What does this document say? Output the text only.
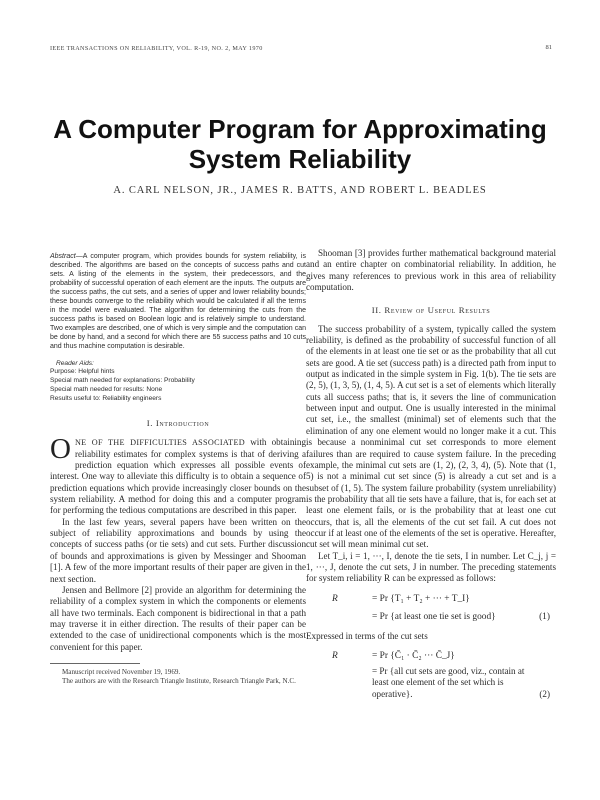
IEEE TRANSACTIONS ON RELIABILITY, VOL. R-19, NO. 2, MAY 1970	81
A Computer Program for Approximating
System Reliability
A. CARL NELSON, JR., JAMES R. BATTS, AND ROBERT L. BEADLES

Abstract—A computer program, which provides bounds for system reliability, is described. The algorithms are based on the concepts of success paths and cut sets. A listing of the elements in the system, their predecessors, and the probability of successful operation of each element are the inputs. The outputs are the success paths, the cut sets, and a series of upper and lower reliability bounds; these bounds converge to the reliability which would be calculated if all the terms in the model were evaluated. The algorithm for determining the cuts from the success paths is based on Boolean logic and is relatively simple to understand. Two examples are described, one of which is very simple and the computation can be done by hand, and a second for which there are 55 success paths and 10 cuts and thus machine computation is desirable.

Reader Aids:
Purpose: Helpful hints
Special math needed for explanations: Probability
Special math needed for results: None
Results useful to: Reliability engineers
I. Introduction

ONE OF THE DIFFICULTIES ASSOCIATED with obtaining reliability estimates for complex systems is that of deriving a prediction equation which expresses all possible events of interest. One way to alleviate this difficulty is to obtain a sequence of prediction equations which provide increasingly closer bounds on the system reliability. A method for doing this and a computer program for performing the tedious computations are described in this paper.

In the last few years, several papers have been written on the subject of reliability approximations and bounds by using the concepts of success paths (or tie sets) and cut sets. Further discussion of bounds and approximations is given by Messinger and Shooman [1]. A few of the more important results of their paper are given in the next section.

Jensen and Bellmore [2] provide an algorithm for determining the reliability of a complex system in which the components or elements all have two terminals. Each component is bidirectional in that a path may traverse it in either direction. The results of their paper can be extended to the case of unidirectional components which is the most convenient for this paper.

Manuscript received November 19, 1969.

The authors are with the Research Triangle Institute, Research Triangle Park, N.C.

Shooman [3] provides further mathematical background material and an entire chapter on combinatorial reliability. In addition, he gives many references to previous work in this area of reliability computation.

II. Review of Useful Results

The success probability of a system, typically called the system reliability, is defined as the probability of successful function of all of the elements in at least one tie set or as the probability that all cut sets are good. A tie set (success path) is a directed path from input to output as indicated in the simple system in Fig. 1(b). The tie sets are (2, 5), (1, 3, 5), (1, 4, 5). A cut set is a set of elements which literally cuts all success paths; that is, it severs the line of communication between input and output. One is usually interested in the minimal cut set, i.e., the smallest (minimal) set of elements such that the elimination of any one element would no longer make it a cut. This is because a nonminimal cut set corresponds to more element failures than are required to cause system failure. In the preceding example, the minimal cut sets are (1, 2), (2, 3, 4), (5). Note that (1, 5) is not a minimal cut set since (5) is already a cut set and is a subset of (1, 5). The system failure probability (system unreliability) is the probability that all tie sets have a failure, that is, for each set at least one element fails, or is the probability that at least one cut occurs, that is, all the elements of the cut set fail. A cut does not occur if at least one of the elements of the set is operative. Hereafter, cut set will mean minimal cut set.

Let T_i, i = 1, ···, I, denote the tie sets, I in number. Let C_j, j = 1, ···, J, denote the cut sets, J in number. The preceding statements for system reliability R can be expressed as follows:

R	= Pr {T₁ + T₂ + ··· + T_I}
= Pr {at least one tie set is good}	(1)

Expressed in terms of the cut sets

R	= Pr {C̄₁ · C̄₂ ··· C̄_J}
= Pr {all cut sets are good, viz., contain at least one element of the set which is operative}.	(2)
